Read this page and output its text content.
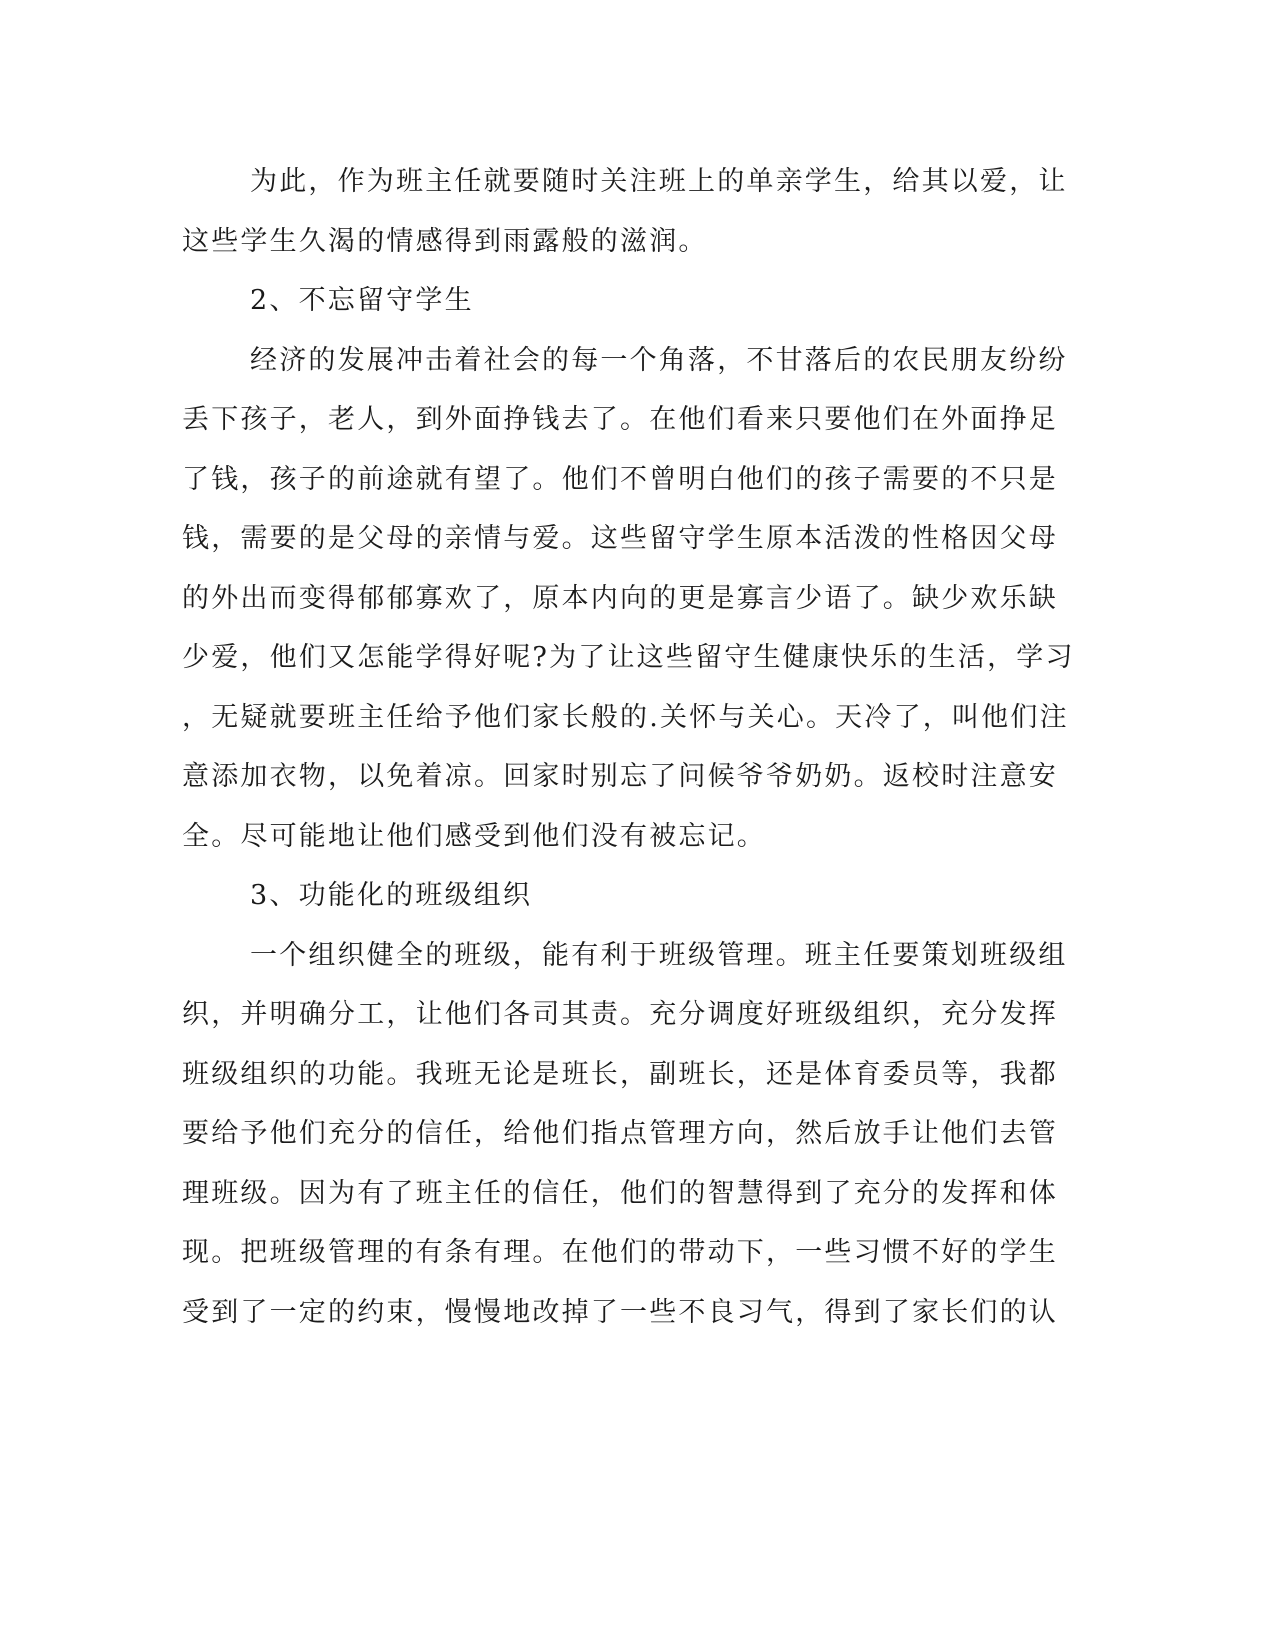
为此，作为班主任就要随时关注班上的单亲学生，给其以爱，让
这些学生久渴的情感得到雨露般的滋润。
2、不忘留守学生
经济的发展冲击着社会的每一个角落，不甘落后的农民朋友纷纷
丢下孩子，老人，到外面挣钱去了。在他们看来只要他们在外面挣足
了钱，孩子的前途就有望了。他们不曾明白他们的孩子需要的不只是
钱，需要的是父母的亲情与爱。这些留守学生原本活泼的性格因父母
的外出而变得郁郁寡欢了，原本内向的更是寡言少语了。缺少欢乐缺
少爱，他们又怎能学得好呢?为了让这些留守生健康快乐的生活，学习
，无疑就要班主任给予他们家长般的.关怀与关心。天冷了，叫他们注
意添加衣物，以免着凉。回家时别忘了问候爷爷奶奶。返校时注意安
全。尽可能地让他们感受到他们没有被忘记。
3、功能化的班级组织
一个组织健全的班级，能有利于班级管理。班主任要策划班级组
织，并明确分工，让他们各司其责。充分调度好班级组织，充分发挥
班级组织的功能。我班无论是班长，副班长，还是体育委员等，我都
要给予他们充分的信任，给他们指点管理方向，然后放手让他们去管
理班级。因为有了班主任的信任，他们的智慧得到了充分的发挥和体
现。把班级管理的有条有理。在他们的带动下，一些习惯不好的学生
受到了一定的约束，慢慢地改掉了一些不良习气，得到了家长们的认
